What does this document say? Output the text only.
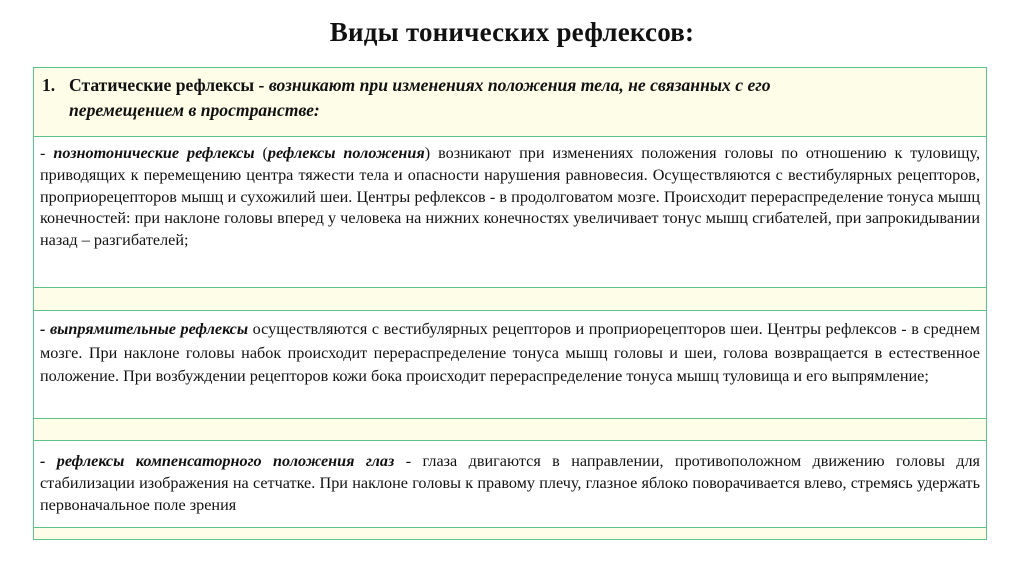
Виды тонических рефлексов:

1. Статические рефлексы - возникают при изменениях положения тела, не связанных с его

перемещением в пространстве:

- познотонические рефлексы (рефлексы положения) возникают при изменениях положения головы по отношению к туловищу, приводящих к перемещению центра тяжести тела и опасности нарушения равновесия. Осуществляются с вестибулярных рецепторов, проприорецепторов мышц и сухожилий шеи. Центры рефлексов - в продолговатом мозге. Происходит перераспределение тонуса мышц конечностей: при наклоне головы вперед у человека на нижних конечностях увеличивает тонус мышц сгибателей, при запрокидывании назад – разгибателей;

- выпрямительные рефлексы осуществляются с вестибулярных рецепторов и проприорецепторов шеи. Центры рефлексов - в среднем мозге. При наклоне головы набок происходит перераспределение тонуса мышц головы и шеи, голова возвращается в естественное положение. При возбуждении рецепторов кожи бока происходит перераспределение тонуса мышц туловища и его выпрямление;

- рефлексы компенсаторного положения глаз - глаза двигаются в направлении, противоположном движению головы для стабилизации изображения на сетчатке. При наклоне головы к правому плечу, глазное яблоко поворачивается влево, стремясь удержать первоначальное поле зрения
